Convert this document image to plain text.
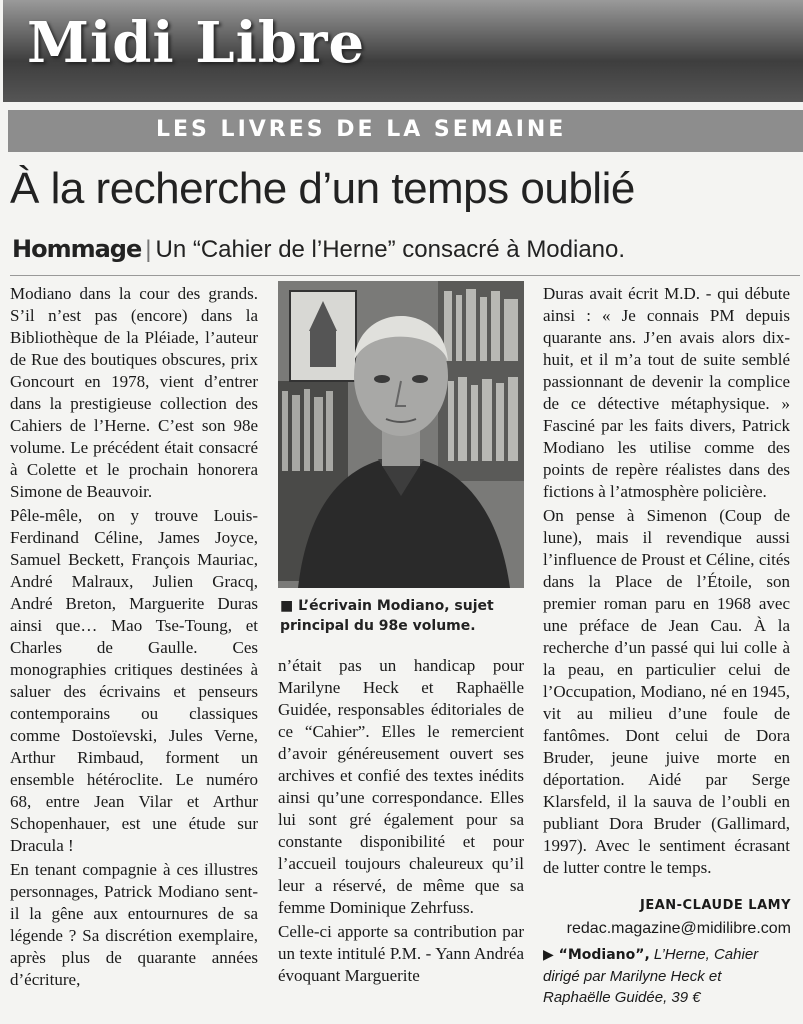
Midi Libre
LES LIVRES DE LA SEMAINE
À la recherche d’un temps oublié
Hommage | Un “Cahier de l’Herne” consacré à Modiano.

Modiano dans la cour des grands. S’il n’est pas (encore) dans la Bibliothèque de la Pléiade, l’auteur de Rue des boutiques obscures, prix Goncourt en 1978, vient d’entrer dans la prestigieuse collection des Cahiers de l’Herne. C’est son 98e volume. Le précédent était consacré à Colette et le prochain honorera Simone de Beauvoir.

Pêle-mêle, on y trouve Louis-Ferdinand Céline, James Joyce, Samuel Beckett, François Mauriac, André Malraux, Julien Gracq, André Breton, Marguerite Duras ainsi que… Mao Tse-Toung, et Charles de Gaulle. Ces monographies critiques destinées à saluer des écrivains et penseurs contemporains ou classiques comme Dostoïevski, Jules Verne, Arthur Rimbaud, forment un ensemble hétéroclite. Le numéro 68, entre Jean Vilar et Arthur Schopenhauer, est une étude sur Dracula !

En tenant compagnie à ces illustres personnages, Patrick Modiano sent-il la gêne aux entournures de sa légende ? Sa discrétion exemplaire, après plus de quarante années d’écriture,

■ L’écrivain Modiano, sujet principal du 98e volume.

n’était pas un handicap pour Marilyne Heck et Raphaëlle Guidée, responsables éditoriales de ce “Cahier”. Elles le remercient d’avoir généreusement ouvert ses archives et confié des textes inédits ainsi qu’une correspondance. Elles lui sont gré également pour sa constante disponibilité et pour l’accueil toujours chaleureux qu’il leur a réservé, de même que sa femme Dominique Zehrfuss.

Celle-ci apporte sa contribution par un texte intitulé P.M. - Yann Andréa évoquant Marguerite

Duras avait écrit M.D. - qui débute ainsi : « Je connais PM depuis quarante ans. J’en avais alors dix-huit, et il m’a tout de suite semblé passionnant de devenir la complice de ce détective métaphysique. » Fasciné par les faits divers, Patrick Modiano les utilise comme des points de repère réalistes dans des fictions à l’atmosphère policière.

On pense à Simenon (Coup de lune), mais il revendique aussi l’influence de Proust et Céline, cités dans la Place de l’Étoile, son premier roman paru en 1968 avec une préface de Jean Cau. À la recherche d’un passé qui lui colle à la peau, en particulier celui de l’Occupation, Modiano, né en 1945, vit au milieu d’une foule de fantômes. Dont celui de Dora Bruder, jeune juive morte en déportation. Aidé par Serge Klarsfeld, il la sauva de l’oubli en publiant Dora Bruder (Gallimard, 1997). Avec le sentiment écrasant de lutter contre le temps.

JEAN-CLAUDE LAMY
redac.magazine@midilibre.com
▶ “Modiano”, L’Herne, Cahier dirigé par Marilyne Heck et Raphaëlle Guidée, 39 €
